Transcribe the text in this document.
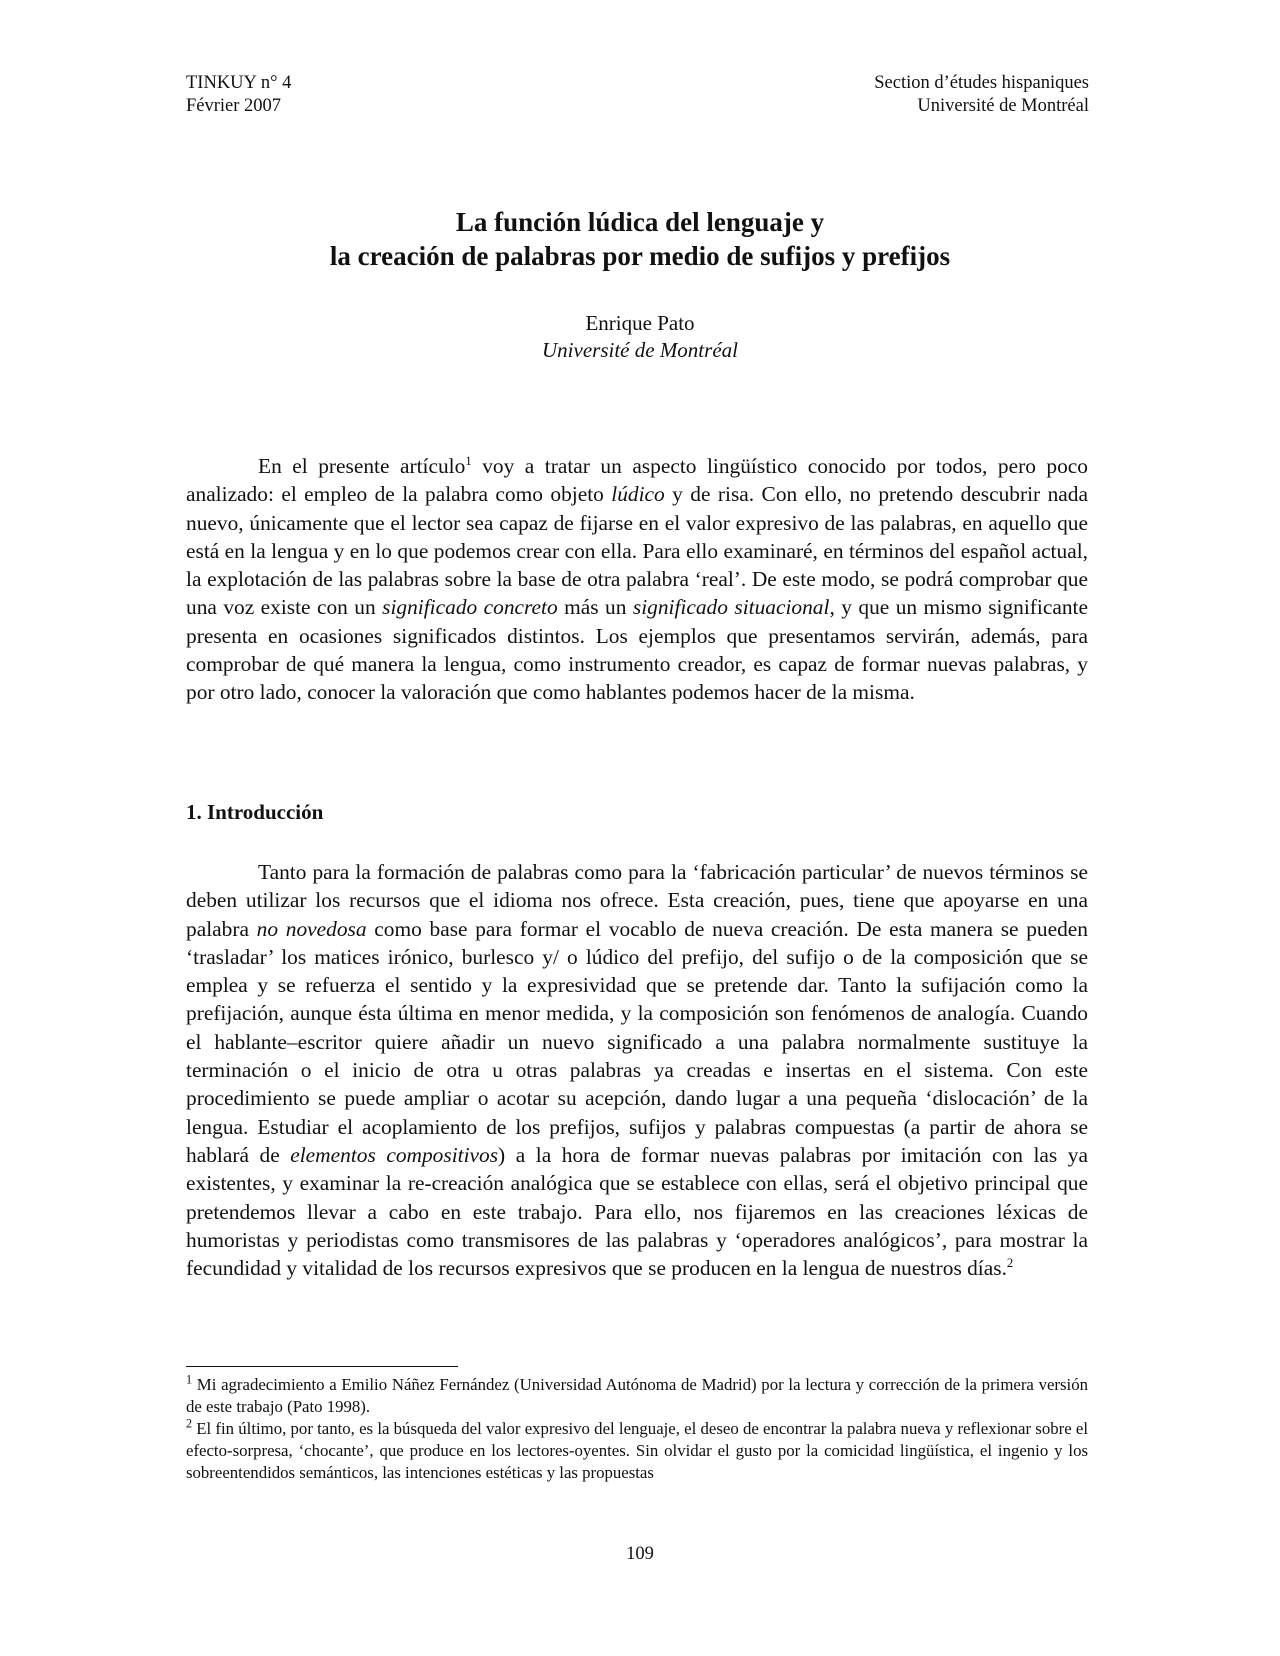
TINKUY n° 4
Février 2007
Section d’études hispaniques
Université de Montréal
La función lúdica del lenguaje y
la creación de palabras por medio de sufijos y prefijos
Enrique Pato
Université de Montréal

En el presente artículo$^1$ voy a tratar un aspecto lingüístico conocido por todos, pero poco analizado: el empleo de la palabra como objeto lúdico y de risa. Con ello, no pretendo descubrir nada nuevo, únicamente que el lector sea capaz de fijarse en el valor expresivo de las palabras, en aquello que está en la lengua y en lo que podemos crear con ella. Para ello examinaré, en términos del español actual, la explotación de las palabras sobre la base de otra palabra ‘real’. De este modo, se podrá comprobar que una voz existe con un significado concreto más un significado situacional, y que un mismo significante presenta en ocasiones significados distintos. Los ejemplos que presentamos servirán, además, para comprobar de qué manera la lengua, como instrumento creador, es capaz de formar nuevas palabras, y por otro lado, conocer la valoración que como hablantes podemos hacer de la misma.

1. Introducción

Tanto para la formación de palabras como para la ‘fabricación particular’ de nuevos términos se deben utilizar los recursos que el idioma nos ofrece. Esta creación, pues, tiene que apoyarse en una palabra no novedosa como base para formar el vocablo de nueva creación. De esta manera se pueden ‘trasladar’ los matices irónico, burlesco y/ o lúdico del prefijo, del sufijo o de la composición que se emplea y se refuerza el sentido y la expresividad que se pretende dar. Tanto la sufijación como la prefijación, aunque ésta última en menor medida, y la composición son fenómenos de analogía. Cuando el hablante–escritor quiere añadir un nuevo significado a una palabra normalmente sustituye la terminación o el inicio de otra u otras palabras ya creadas e insertas en el sistema. Con este procedimiento se puede ampliar o acotar su acepción, dando lugar a una pequeña ‘dislocación’ de la lengua. Estudiar el acoplamiento de los prefijos, sufijos y palabras compuestas (a partir de ahora se hablará de elementos compositivos) a la hora de formar nuevas palabras por imitación con las ya existentes, y examinar la re-creación analógica que se establece con ellas, será el objetivo principal que pretendemos llevar a cabo en este trabajo. Para ello, nos fijaremos en las creaciones léxicas de humoristas y periodistas como transmisores de las palabras y ‘operadores analógicos’, para mostrar la fecundidad y vitalidad de los recursos expresivos que se producen en la lengua de nuestros días.$^2$

$^1$ Mi agradecimiento a Emilio Náñez Fernández (Universidad Autónoma de Madrid) por la lectura y corrección de la primera versión de este trabajo (Pato 1998).

$^2$ El fin último, por tanto, es la búsqueda del valor expresivo del lenguaje, el deseo de encontrar la palabra nueva y reflexionar sobre el efecto-sorpresa, ‘chocante’, que produce en los lectores-oyentes. Sin olvidar el gusto por la comicidad lingüística, el ingenio y los sobreentendidos semánticos, las intenciones estéticas y las propuestas

109
